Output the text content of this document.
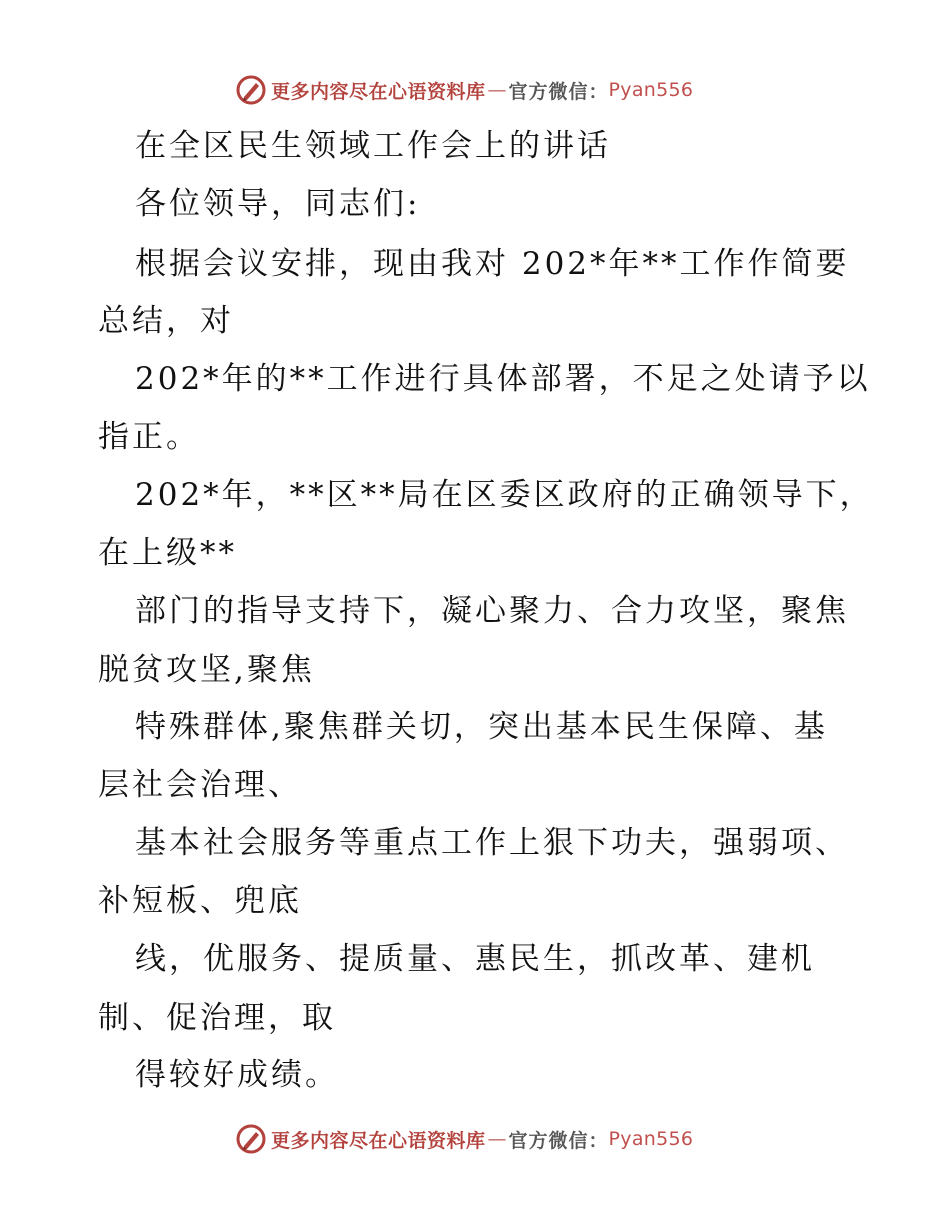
更多内容尽在心语资料库 — 官方微信： Pyan556
在全区民生领域工作会上的讲话
各位领导，同志们:
根据会议安排，现由我对 202*年**工作作简要
总结，对
202*年的**工作进行具体部署，不足之处请予以
指正。
202*年，**区**局在区委区政府的正确领导下，
在上级**
部门的指导支持下，凝心聚力、合力攻坚，聚焦
脱贫攻坚,聚焦
特殊群体,聚焦群关切，突出基本民生保障、基
层社会治理、
基本社会服务等重点工作上狠下功夫，强弱项、
补短板、兜底
线，优服务、提质量、惠民生，抓改革、建机
制、促治理，取
得较好成绩。
更多内容尽在心语资料库 — 官方微信： Pyan556
